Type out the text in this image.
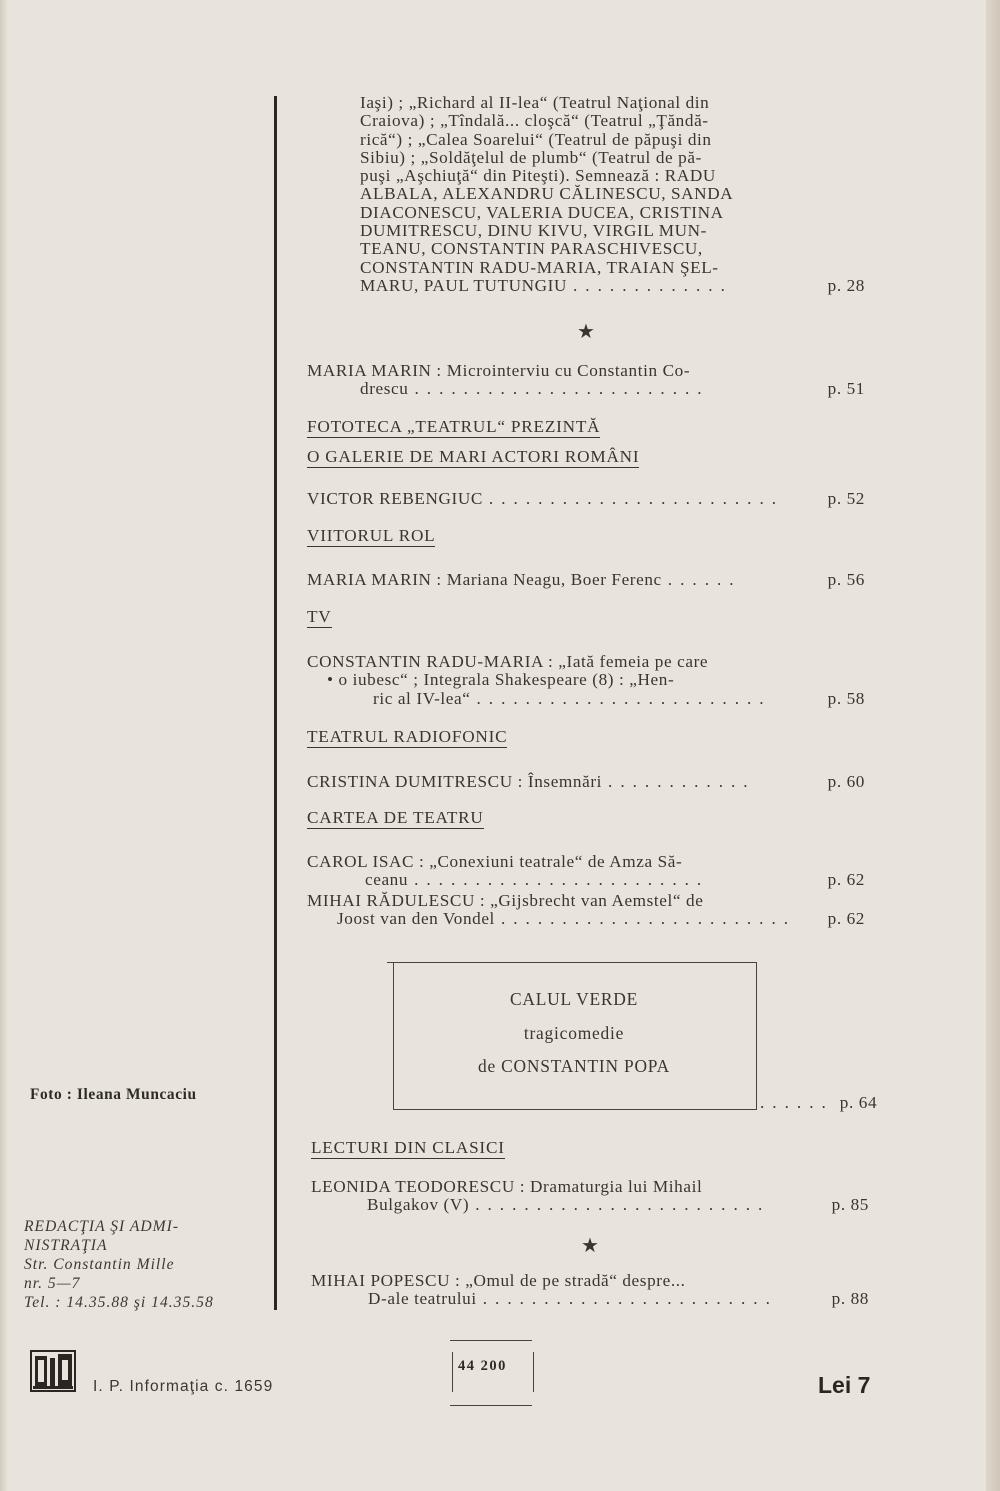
Iaşi) ; „Richard al II-lea“ (Teatrul Naţional din
Craiova) ; „Tîndală... cloşcă“ (Teatrul „Ţăndă-
rică“) ; „Calea Soarelui“ (Teatrul de păpuşi din
Sibiu) ; „Soldăţelul de plumb“ (Teatrul de pă-
puşi „Aşchiuţă“ din Piteşti). Semnează : RADU
ALBALA, ALEXANDRU CĂLINESCU, SANDA
DIACONESCU, VALERIA DUCEA, CRISTINA
DUMITRESCU, DINU KIVU, VIRGIL MUN-
TEANU, CONSTANTIN PARASCHIVESCU,
CONSTANTIN RADU-MARIA, TRAIAN ŞEL-
MARU, PAUL TUTUNGIU .............	p. 28
★
MARIA MARIN : Microinterviu cu Constantin Co-
drescu ........................	p. 51
FOTOTECA „TEATRUL“ PREZINTĂ
O GALERIE DE MARI ACTORI ROMÂNI
VICTOR REBENGIUC ........................	p. 52
VIITORUL ROL
MARIA MARIN : Mariana Neagu, Boer Ferenc ......	p. 56
TV
CONSTANTIN RADU-MARIA : „Iată femeia pe care
• o iubesc“ ; Integrala Shakespeare (8) : „Hen-
ric al IV-lea“ ........................	p. 58
TEATRUL RADIOFONIC
CRISTINA DUMITRESCU : Însemnări ............	p. 60
CARTEA DE TEATRU
CAROL ISAC : „Conexiuni teatrale“ de Amza Să-
ceanu ........................	p. 62
MIHAI RĂDULESCU : „Gijsbrecht van Aemstel“ de
Joost van den Vondel ........................	p. 62
CALUL VERDE
tragicomedie
de CONSTANTIN POPA
...... p. 64
LECTURI DIN CLASICI
LEONIDA TEODORESCU : Dramaturgia lui Mihail
Bulgakov (V) ........................	p. 85
★
MIHAI POPESCU : „Omul de pe stradă“ despre...
D-ale teatrului ........................	p. 88
Foto : Ileana Muncaciu
REDACŢIA ŞI ADMI-
NISTRAŢIA
Str. Constantin Mille
nr. 5—7
Tel. : 14.35.88 şi 14.35.58
I. P. Informaţia c. 1659
44 200
Lei 7
